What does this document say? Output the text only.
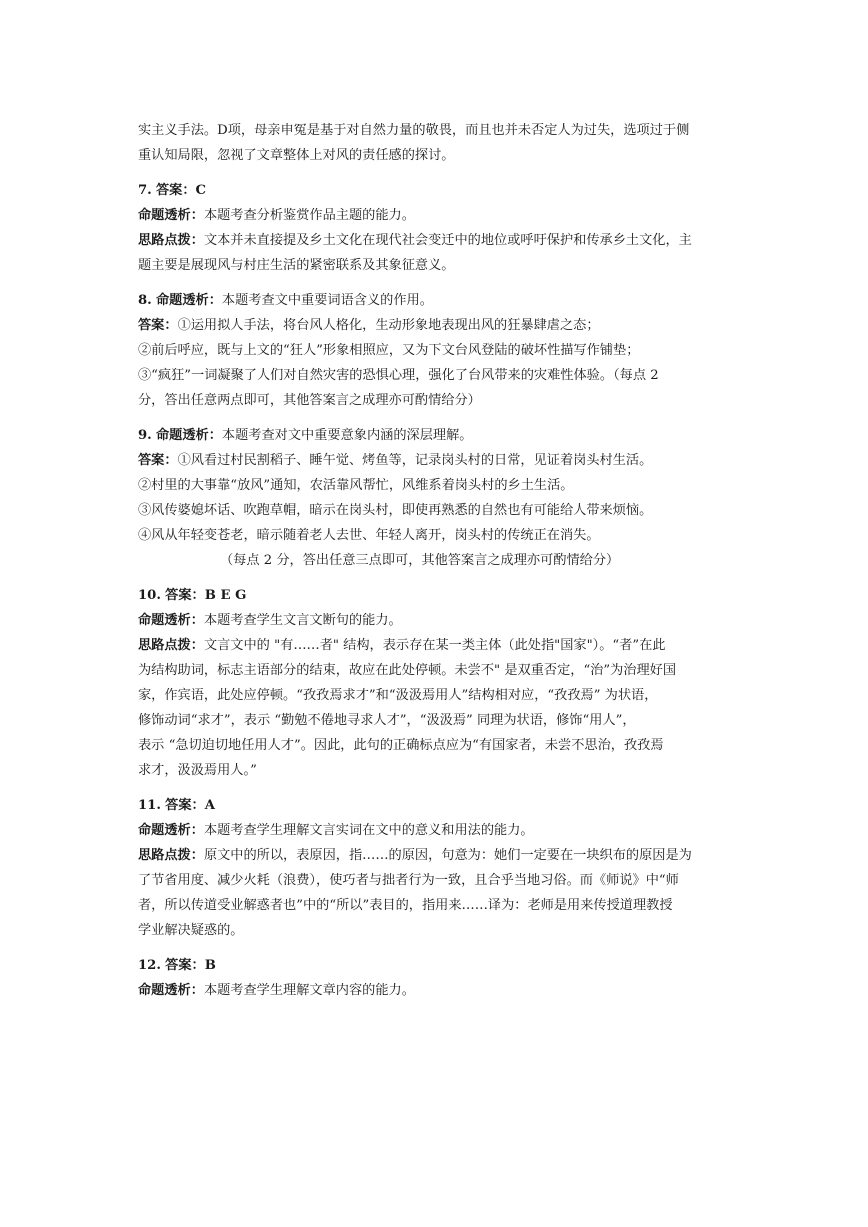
实主义手法。D项，母亲申冤是基于对自然力量的敬畏，而且也并未否定人为过失，选项过于侧
重认知局限，忽视了文章整体上对风的责任感的探讨。
7. 答案：C
命题透析：本题考查分析鉴赏作品主题的能力。
思路点拨：文本并未直接提及乡土文化在现代社会变迁中的地位或呼吁保护和传承乡土文化，主
题主要是展现风与村庄生活的紧密联系及其象征意义。
8. 命题透析：本题考查文中重要词语含义的作用。
答案：①运用拟人手法，将台风人格化，生动形象地表现出风的狂暴肆虐之态；
②前后呼应，既与上文的“狂人”形象相照应，又为下文台风登陆的破坏性描写作铺垫；
③“疯狂”一词凝聚了人们对自然灾害的恐惧心理，强化了台风带来的灾难性体验。（每点 2
分，答出任意两点即可，其他答案言之成理亦可酌情给分）
9. 命题透析：本题考查对文中重要意象内涵的深层理解。
答案：①风看过村民割稻子、睡午觉、烤鱼等，记录岗头村的日常，见证着岗头村生活。
②村里的大事靠“放风”通知，农活靠风帮忙，风维系着岗头村的乡土生活。
③风传婆媳坏话、吹跑草帽，暗示在岗头村，即使再熟悉的自然也有可能给人带来烦恼。
④风从年轻变苍老，暗示随着老人去世、年轻人离开，岗头村的传统正在消失。
（每点 2 分，答出任意三点即可，其他答案言之成理亦可酌情给分）
10. 答案：B E G
命题透析：本题考查学生文言文断句的能力。
思路点拨：文言文中的 "有……者" 结构，表示存在某一类主体（此处指"国家"）。“者”在此
为结构助词，标志主语部分的结束，故应在此处停顿。未尝不" 是双重否定，“治”为治理好国
家，作宾语，此处应停顿。“孜孜焉求才”和“汲汲焉用人”结构相对应，“孜孜焉” 为状语，
修饰动词“求才”，表示 “勤勉不倦地寻求人才”，“汲汲焉” 同理为状语，修饰“用人”，
表示 “急切迫切地任用人才”。因此，此句的正确标点应为“有国家者，未尝不思治，孜孜焉
求才，汲汲焉用人。”
11. 答案：A
命题透析：本题考查学生理解文言实词在文中的意义和用法的能力。
思路点拨：原文中的所以，表原因，指……的原因，句意为：她们一定要在一块织布的原因是为
了节省用度、减少火耗（浪费），使巧者与拙者行为一致，且合乎当地习俗。而《师说》中“师
者，所以传道受业解惑者也”中的“所以”表目的，指用来……译为：老师是用来传授道理教授
学业解决疑惑的。
12. 答案：B
命题透析：本题考查学生理解文章内容的能力。
